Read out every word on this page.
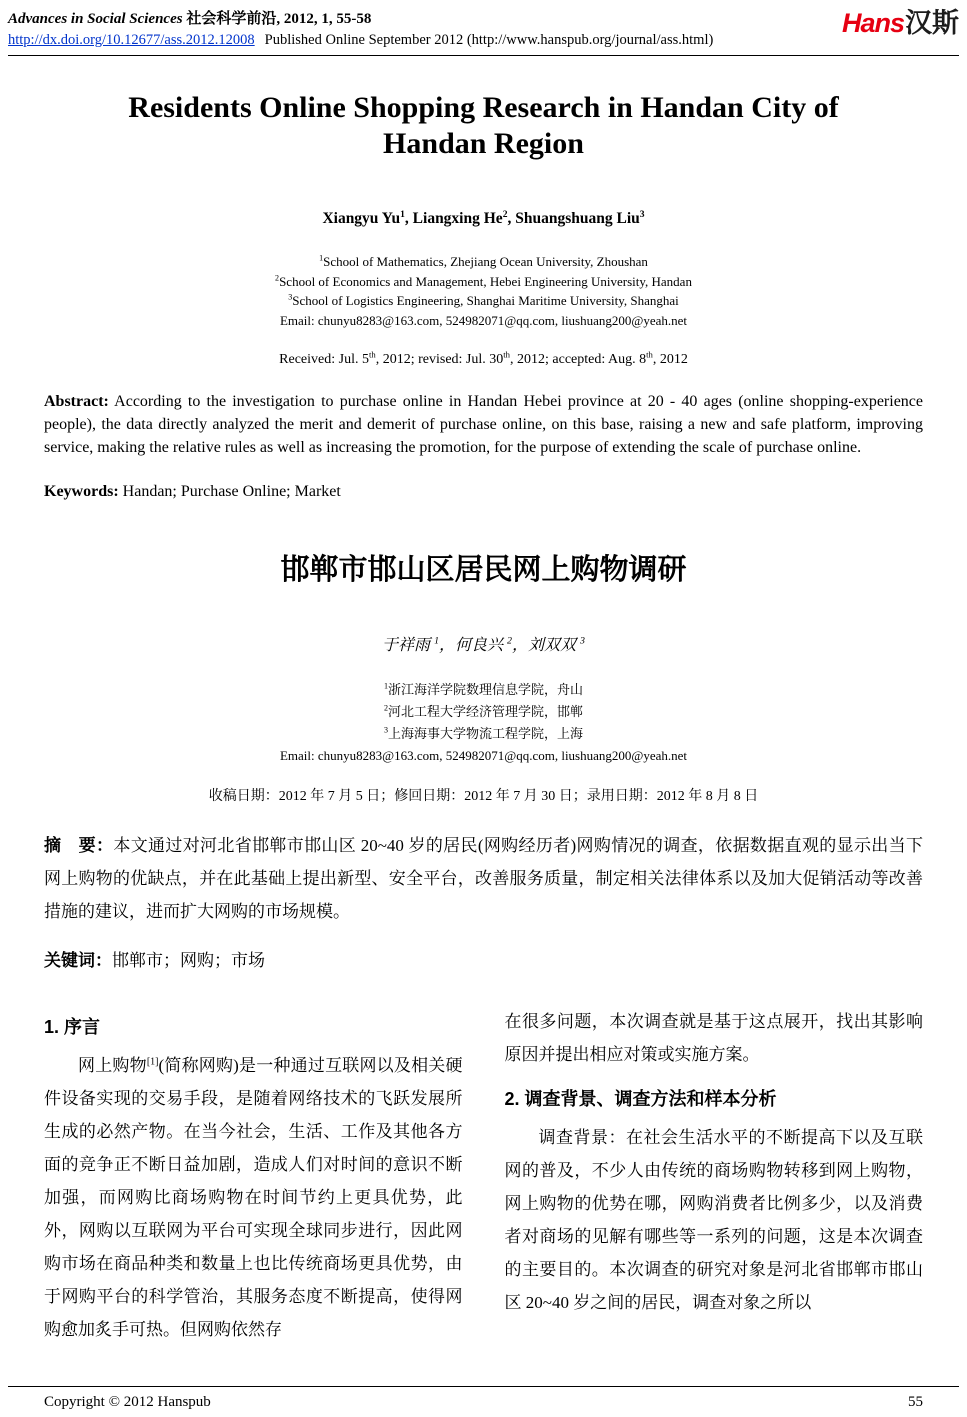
Advances in Social Sciences 社会科学前沿, 2012, 1, 55-58
http://dx.doi.org/10.12677/ass.2012.12008 Published Online September 2012 (http://www.hanspub.org/journal/ass.html)
Hans汉斯
Residents Online Shopping Research in Handan City of
Handan Region
Xiangyu Yu$^1$, Liangxing He$^2$, Shuangshuang Liu$^3$
$^1$School of Mathematics, Zhejiang Ocean University, Zhoushan
$^2$School of Economics and Management, Hebei Engineering University, Handan
$^3$School of Logistics Engineering, Shanghai Maritime University, Shanghai
Email: chunyu8283@163.com, 524982071@qq.com, liushuang200@yeah.net
Received: Jul. 5th, 2012; revised: Jul. 30th, 2012; accepted: Aug. 8th, 2012

Abstract: According to the investigation to purchase online in Handan Hebei province at 20 - 40 ages (online shopping-experience people), the data directly analyzed the merit and demerit of purchase online, on this base, raising a new and safe platform, improving service, making the relative rules as well as increasing the promotion, for the purpose of extending the scale of purchase online.

Keywords: Handan; Purchase Online; Market

邯郸市邯山区居民网上购物调研
于祥雨 $^1$，何良兴 $^2$，刘双双 $^3$
$^1$浙江海洋学院数理信息学院，舟山
$^2$河北工程大学经济管理学院，邯郸
$^3$上海海事大学物流工程学院，上海
Email: chunyu8283@163.com, 524982071@qq.com, liushuang200@yeah.net
收稿日期：2012 年 7 月 5 日；修回日期：2012 年 7 月 30 日；录用日期：2012 年 8 月 8 日

摘　要：本文通过对河北省邯郸市邯山区 20~40 岁的居民(网购经历者)网购情况的调查，依据数据直观的显示出当下网上购物的优缺点，并在此基础上提出新型、安全平台，改善服务质量，制定相关法律体系以及加大促销活动等改善措施的建议，进而扩大网购的市场规模。

关键词：邯郸市；网购；市场

1. 序言

网上购物[1](简称网购)是一种通过互联网以及相关硬件设备实现的交易手段，是随着网络技术的飞跃发展所生成的必然产物。在当今社会，生活、工作及其他各方面的竞争正不断日益加剧，造成人们对时间的意识不断加强，而网购比商场购物在时间节约上更具优势，此外，网购以互联网为平台可实现全球同步进行，因此网购市场在商品种类和数量上也比传统商场更具优势，由于网购平台的科学管治，其服务态度不断提高，使得网购愈加炙手可热。但网购依然存

在很多问题，本次调查就是基于这点展开，找出其影响原因并提出相应对策或实施方案。

2. 调查背景、调查方法和样本分析

调查背景：在社会生活水平的不断提高下以及互联网的普及，不少人由传统的商场购物转移到网上购物，网上购物的优势在哪，网购消费者比例多少，以及消费者对商场的见解有哪些等一系列的问题，这是本次调查的主要目的。本次调查的研究对象是河北省邯郸市邯山区 20~40 岁之间的居民，调查对象之所以

Copyright © 2012 Hanspub	55
